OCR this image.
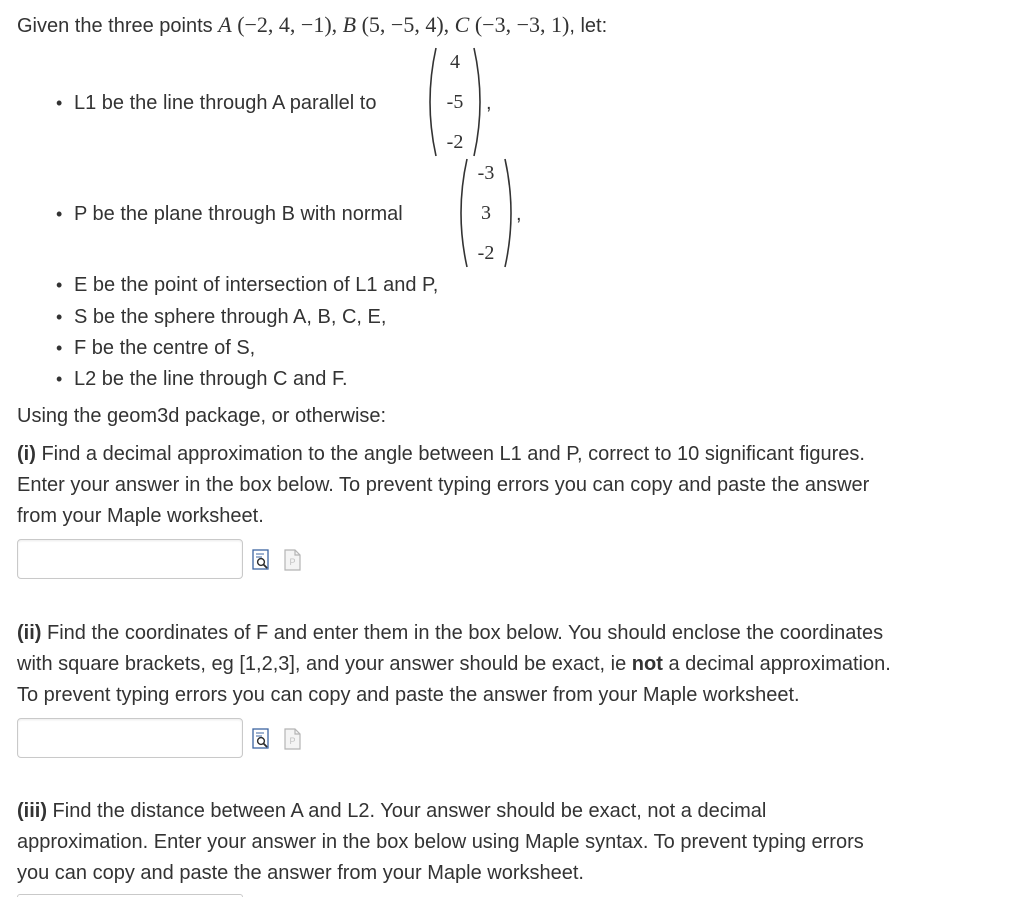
Given the three points A (−2, 4, −1), B (5, −5, 4), C (−3, −3, 1), let:
• L1 be the line through A parallel to
4
-5
-2
,
• P be the plane through B with normal
-3
3
-2
,
• E be the point of intersection of L1 and P,
• S be the sphere through A, B, C, E,
• F be the centre of S,
• L2 be the line through C and F.
Using the geom3d package, or otherwise:
(i) Find a decimal approximation to the angle between L1 and P, correct to 10 significant figures.
Enter your answer in the box below. To prevent typing errors you can copy and paste the answer
from your Maple worksheet.
P
(ii) Find the coordinates of F and enter them in the box below. You should enclose the coordinates
with square brackets, eg [1,2,3], and your answer should be exact, ie not a decimal approximation.
To prevent typing errors you can copy and paste the answer from your Maple worksheet.
P
(iii) Find the distance between A and L2. Your answer should be exact, not a decimal
approximation. Enter your answer in the box below using Maple syntax. To prevent typing errors
you can copy and paste the answer from your Maple worksheet.
